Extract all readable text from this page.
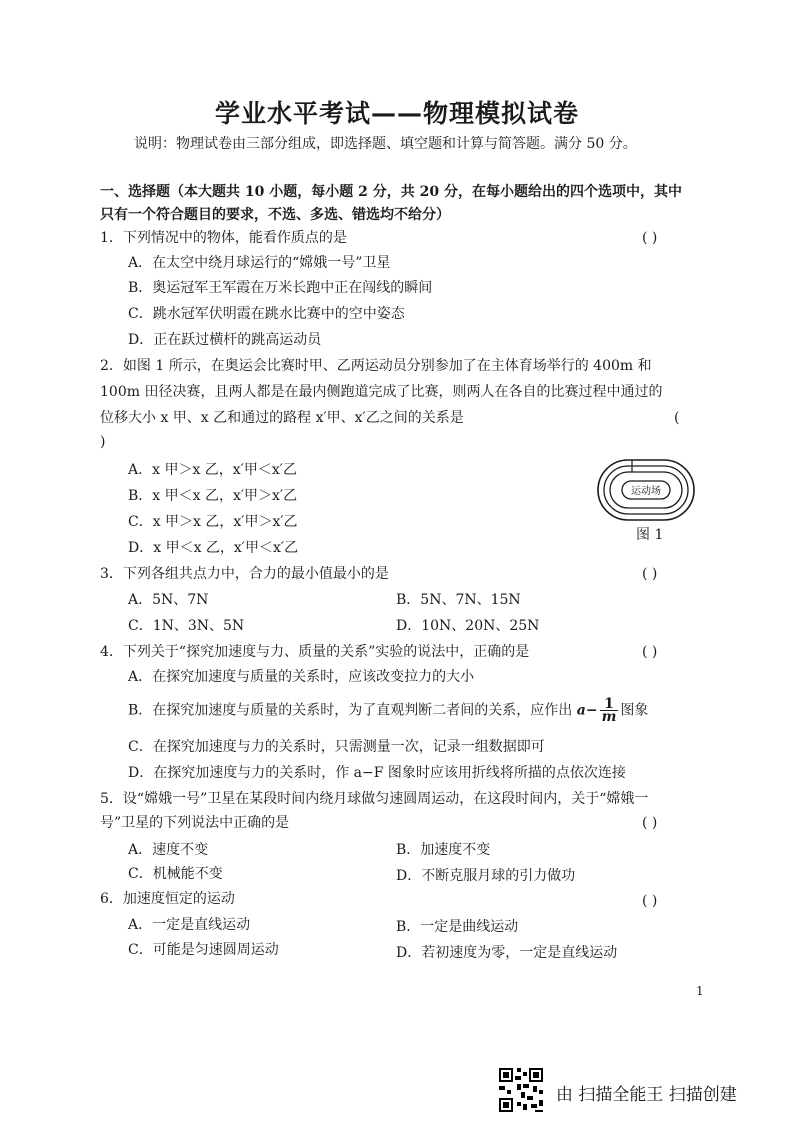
学业水平考试——物理模拟试卷
说明：物理试卷由三部分组成，即选择题、填空题和计算与简答题。满分 50 分。
一、选择题（本大题共 10 小题，每小题 2 分，共 20 分，在每小题给出的四个选项中，其中
只有一个符合题目的要求，不选、多选、错选均不给分）
1．下列情况中的物体，能看作质点的是	( )
A．在太空中绕月球运行的“嫦娥一号”卫星
B．奥运冠军王军霞在万米长跑中正在闯线的瞬间
C．跳水冠军伏明霞在跳水比赛中的空中姿态
D．正在跃过横杆的跳高运动员
2．如图 1 所示，在奥运会比赛时甲、乙两运动员分别参加了在主体育场举行的 400m 和
100m 田径决赛，且两人都是在最内侧跑道完成了比赛，则两人在各自的比赛过程中通过的
位移大小 x 甲、x 乙和通过的路程 x′甲、x′乙之间的关系是	(
)
A．x 甲＞x 乙，x′甲＜x′乙
B．x 甲＜x 乙，x′甲＞x′乙
C．x 甲＞x 乙，x′甲＞x′乙
D．x 甲＜x 乙，x′甲＜x′乙
运动场
图 1
3．下列各组共点力中，合力的最小值最小的是	( )
A．5N、7N	B．5N、7N、15N
C．1N、3N、5N	D．10N、20N、25N
4．下列关于“探究加速度与力、质量的关系”实验的说法中，正确的是	( )
A．在探究加速度与质量的关系时，应该改变拉力的大小
B．在探究加速度与质量的关系时，为了直观判断二者间的关系，应作出 $a- \frac{1}{m}$ 图象
C．在探究加速度与力的关系时，只需测量一次，记录一组数据即可
D．在探究加速度与力的关系时，作 a−F 图象时应该用折线将所描的点依次连接
5．设“嫦娥一号”卫星在某段时间内绕月球做匀速圆周运动，在这段时间内，关于“嫦娥一
号”卫星的下列说法中正确的是	( )
A．速度不变	B．加速度不变
C．机械能不变	D．不断克服月球的引力做功
6．加速度恒定的运动	( )
A．一定是直线运动	B．一定是曲线运动
C．可能是匀速圆周运动	D．若初速度为零，一定是直线运动
1
由 扫描全能王 扫描创建
